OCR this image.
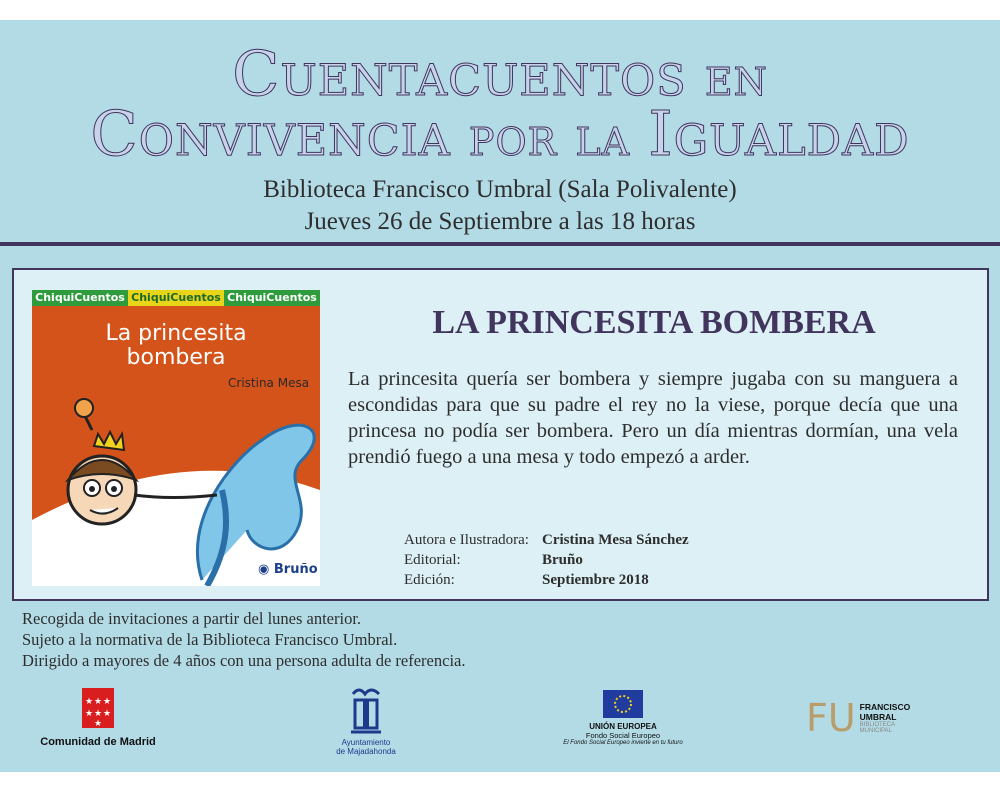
Cuentacuentos en
Convivencia por la Igualdad
Biblioteca Francisco Umbral (Sala Polivalente)
Jueves 26 de Septiembre a las 18 horas
ChiquiCuentos ChiquiCuentos ChiquiCuentos
La princesita
bombera
Cristina Mesa
◉ Bruño
LA PRINCESITA BOMBERA
La princesita quería ser bombera y siempre jugaba con su manguera a escondidas para que su padre el rey no la viese, porque decía que una princesa no podía ser bombera. Pero un día mientras dormían, una vela prendió fuego a una mesa y todo empezó a arder.
Autora e Ilustradora: Cristina Mesa Sánchez
Editorial:	Bruño
Edición:	Septiembre 2018
Recogida de invitaciones a partir del lunes anterior.
Sujeto a la normativa de la Biblioteca Francisco Umbral.
Dirigido a mayores de 4 años con una persona adulta de referencia.
★ ★ ★
★ ★ ★
★
Comunidad de Madrid	Ayuntamiento
de Majadahonda
UNIÓN EUROPEA
Fondo Social Europeo
El Fondo Social Europeo invierte en tu futuro
FU FRANCISCO UMBRAL
BIBLIOTECA MUNICIPAL
